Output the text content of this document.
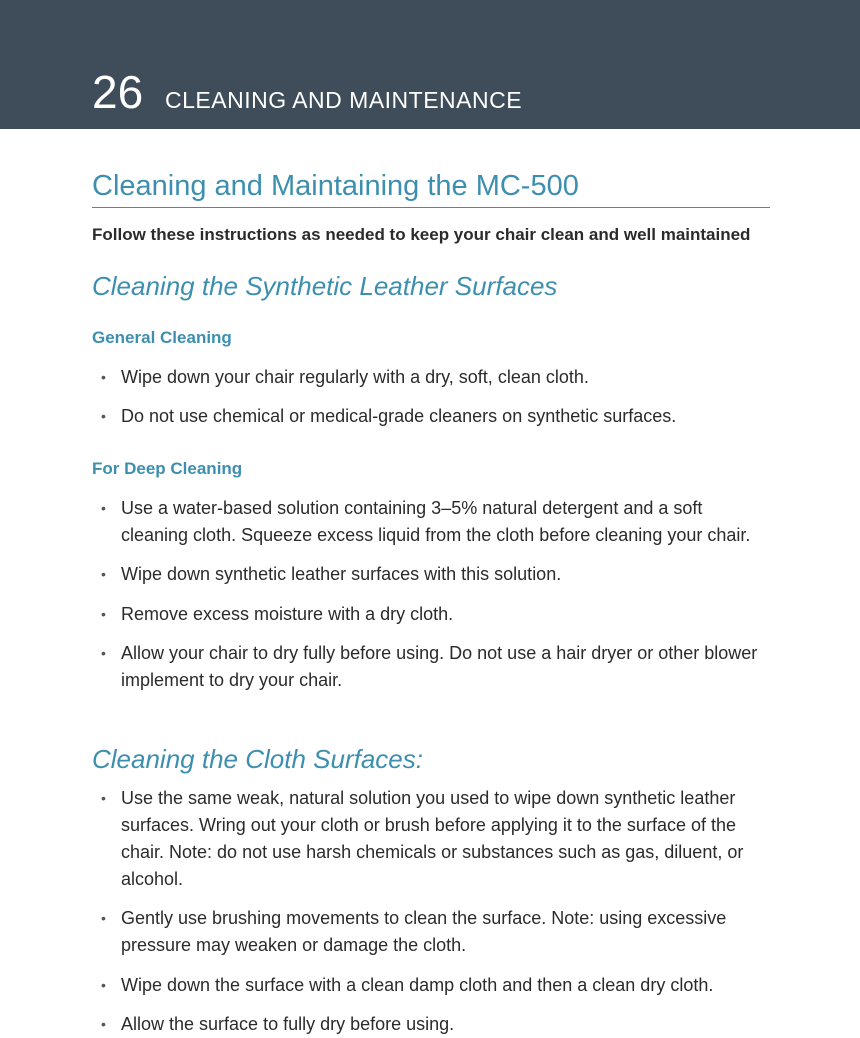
26 CLEANING AND MAINTENANCE
Cleaning and Maintaining the MC-500
Follow these instructions as needed to keep your chair clean and well maintained
Cleaning the Synthetic Leather Surfaces
General Cleaning
• Wipe down your chair regularly with a dry, soft, clean cloth.
• Do not use chemical or medical-grade cleaners on synthetic surfaces.
For Deep Cleaning
• Use a water-based solution containing 3–5% natural detergent and a soft cleaning cloth. Squeeze excess liquid from the cloth before cleaning your chair.
• Wipe down synthetic leather surfaces with this solution.
• Remove excess moisture with a dry cloth.
• Allow your chair to dry fully before using. Do not use a hair dryer or other blower implement to dry your chair.
Cleaning the Cloth Surfaces:
• Use the same weak, natural solution you used to wipe down synthetic leather surfaces. Wring out your cloth or brush before applying it to the surface of the chair. Note: do not use harsh chemicals or substances such as gas, diluent, or alcohol.
• Gently use brushing movements to clean the surface. Note: using excessive pressure may weaken or damage the cloth.
• Wipe down the surface with a clean damp cloth and then a clean dry cloth.
• Allow the surface to fully dry before using.
